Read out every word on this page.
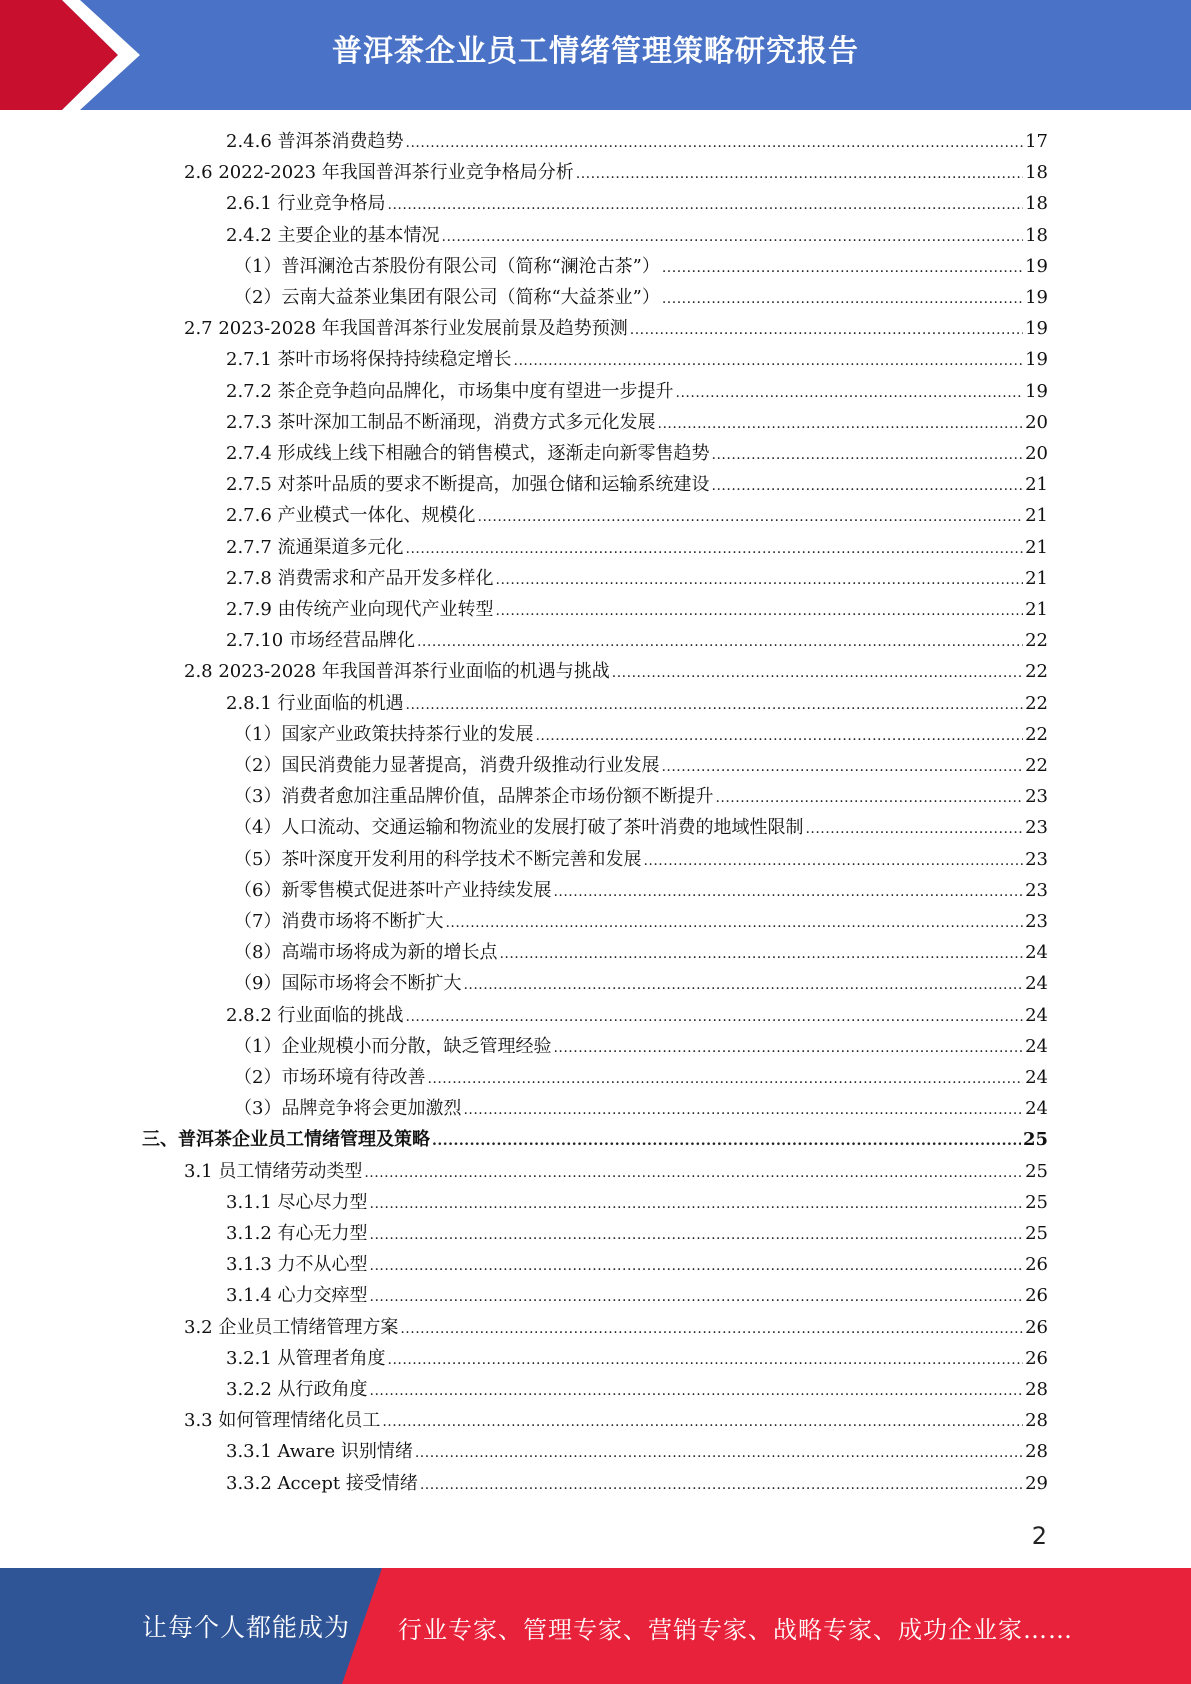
普洱茶企业员工情绪管理策略研究报告
2.4.6 普洱茶消费趋势 .....	17
2.6 2022-2023 年我国普洱茶行业竞争格局分析 .....	18
2.6.1 行业竞争格局 .....	18
2.4.2 主要企业的基本情况 .....	18
（1）普洱澜沧古茶股份有限公司（简称“澜沧古茶”） .....	19
（2）云南大益茶业集团有限公司（简称“大益茶业”） .....	19
2.7 2023-2028 年我国普洱茶行业发展前景及趋势预测 .....	19
2.7.1 茶叶市场将保持持续稳定增长 .....	19
2.7.2 茶企竞争趋向品牌化，市场集中度有望进一步提升 .....	19
2.7.3 茶叶深加工制品不断涌现，消费方式多元化发展 .....	20
2.7.4 形成线上线下相融合的销售模式，逐渐走向新零售趋势 .....	20
2.7.5 对茶叶品质的要求不断提高，加强仓储和运输系统建设 .....	21
2.7.6 产业模式一体化、规模化 .....	21
2.7.7 流通渠道多元化 .....	21
2.7.8 消费需求和产品开发多样化 .....	21
2.7.9 由传统产业向现代产业转型 .....	21
2.7.10 市场经营品牌化 .....	22
2.8 2023-2028 年我国普洱茶行业面临的机遇与挑战 .....	22
2.8.1 行业面临的机遇 .....	22
（1）国家产业政策扶持茶行业的发展 .....	22
（2）国民消费能力显著提高，消费升级推动行业发展 .....	22
（3）消费者愈加注重品牌价值，品牌茶企市场份额不断提升 .....	23
（4）人口流动、交通运输和物流业的发展打破了茶叶消费的地域性限制 .....	23
（5）茶叶深度开发利用的科学技术不断完善和发展 .....	23
（6）新零售模式促进茶叶产业持续发展 .....	23
（7）消费市场将不断扩大 .....	23
（8）高端市场将成为新的增长点 .....	24
（9）国际市场将会不断扩大 .....	24
2.8.2 行业面临的挑战 .....	24
（1）企业规模小而分散，缺乏管理经验 .....	24
（2）市场环境有待改善 .....	24
（3）品牌竞争将会更加激烈 .....	24
三、普洱茶企业员工情绪管理及策略 .....	25
3.1 员工情绪劳动类型 .....	25
3.1.1 尽心尽力型 .....	25
3.1.2 有心无力型 .....	25
3.1.3 力不从心型 .....	26
3.1.4 心力交瘁型 .....	26
3.2 企业员工情绪管理方案 .....	26
3.2.1 从管理者角度 .....	26
3.2.2 从行政角度 .....	28
3.3 如何管理情绪化员工 .....	28
3.3.1 Aware 识别情绪 .....	28
3.3.2 Accept 接受情绪 .....	29
2
让每个人都能成为 行业专家、管理专家、营销专家、战略专家、成功企业家……
